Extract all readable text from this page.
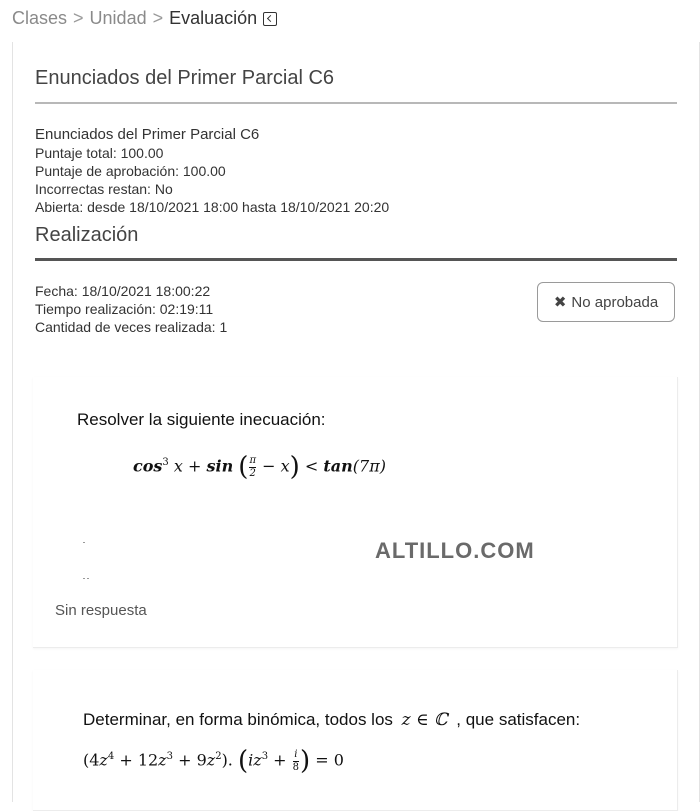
Clases > Unidad > Evaluación
Enunciados del Primer Parcial C6
Enunciados del Primer Parcial C6
Puntaje total: 100.00
Puntaje de aprobación: 100.00
Incorrectas restan: No
Abierta: desde 18/10/2021 18:00 hasta 18/10/2021 20:20
Realización
Fecha: 18/10/2021 18:00:22
Tiempo realización: 02:19:11
Cantidad de veces realizada: 1
✖ No aprobada
Resolver la siguiente inecuación:
$\cos^3 x + \sin$ ( $\frac{\pi}{2} - x) < \tan(7\pi)$
ALTILLO.COM
Sin respuesta
Determinar, en forma binómica, todos los z ∈ ℂ , que satisfacen:
$(4z^4 + 12z^3 + 9z^2)$. ($iz^3 + \frac{i}{8}$ ) = 0
